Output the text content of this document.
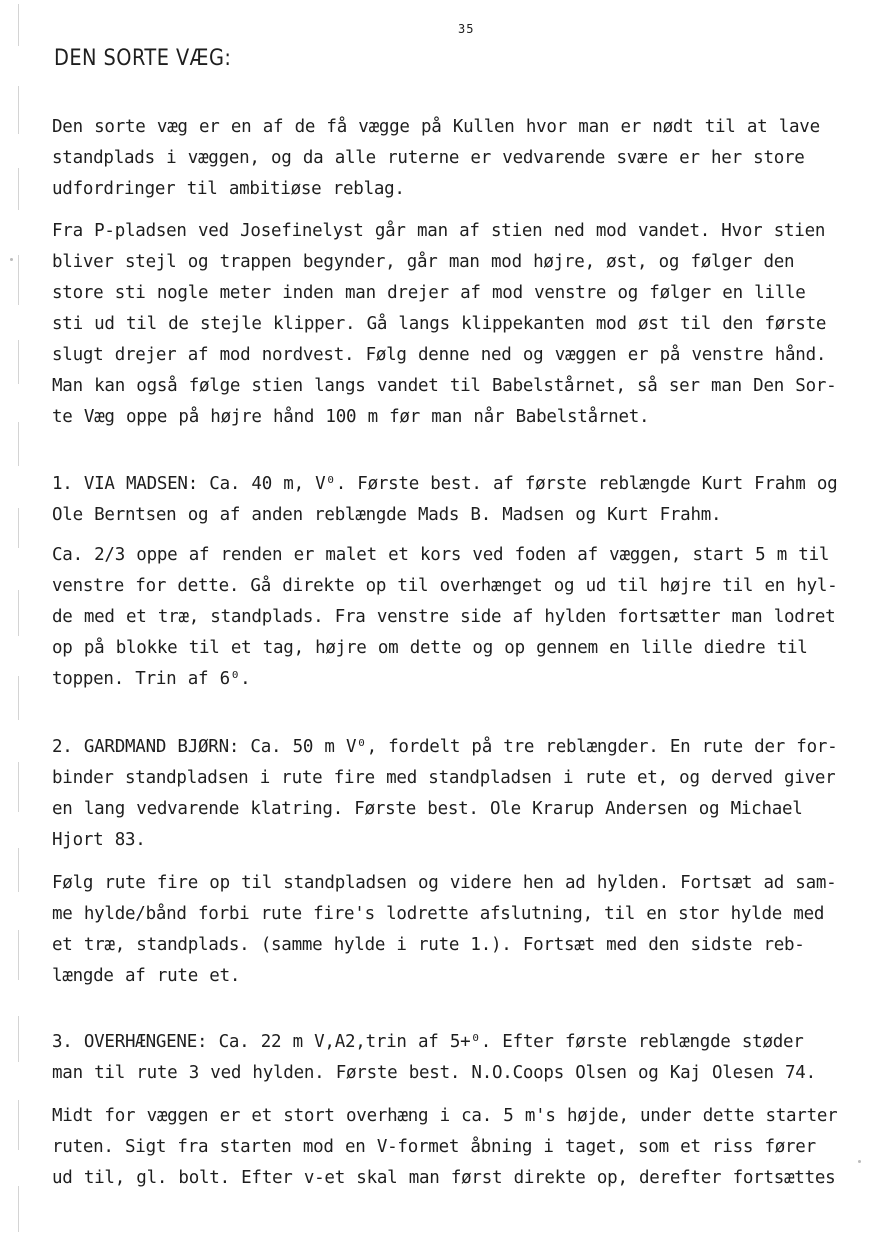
35
DEN SORTE VÆG:
Den sorte væg er en af de få vægge på Kullen hvor man er nødt til at lave
standplads i væggen, og da alle ruterne er vedvarende svære er her store
udfordringer til ambitiøse reblag.
Fra P-pladsen ved Josefinelyst går man af stien ned mod vandet. Hvor stien
bliver stejl og trappen begynder, går man mod højre, øst, og følger den
store sti nogle meter inden man drejer af mod venstre og følger en lille
sti ud til de stejle klipper. Gå langs klippekanten mod øst til den første
slugt drejer af mod nordvest. Følg denne ned og væggen er på venstre hånd.
Man kan også følge stien langs vandet til Babelstårnet, så ser man Den Sor-
te Væg oppe på højre hånd 100 m før man når Babelstårnet.
1. VIA MADSEN: Ca. 40 m, V⁰. Første best. af første reblængde Kurt Frahm og
Ole Berntsen og af anden reblængde Mads B. Madsen og Kurt Frahm.
Ca. 2/3 oppe af renden er malet et kors ved foden af væggen, start 5 m til
venstre for dette. Gå direkte op til overhænget og ud til højre til en hyl-
de med et træ, standplads. Fra venstre side af hylden fortsætter man lodret
op på blokke til et tag, højre om dette og op gennem en lille diedre til
toppen. Trin af 6⁰.
2. GARDMAND BJØRN: Ca. 50 m V⁰, fordelt på tre reblængder. En rute der for-
binder standpladsen i rute fire med standpladsen i rute et, og derved giver
en lang vedvarende klatring. Første best. Ole Krarup Andersen og Michael
Hjort 83.
Følg rute fire op til standpladsen og videre hen ad hylden. Fortsæt ad sam-
me hylde/bånd forbi rute fire's lodrette afslutning, til en stor hylde med
et træ, standplads. (samme hylde i rute 1.). Fortsæt med den sidste reb-
længde af rute et.
3. OVERHÆNGENE: Ca. 22 m V,A2,trin af 5+⁰. Efter første reblængde støder
man til rute 3 ved hylden. Første best. N.O.Coops Olsen og Kaj Olesen 74.
Midt for væggen er et stort overhæng i ca. 5 m's højde, under dette starter
ruten. Sigt fra starten mod en V-formet åbning i taget, som et riss fører
ud til, gl. bolt. Efter v-et skal man først direkte op, derefter fortsættes
